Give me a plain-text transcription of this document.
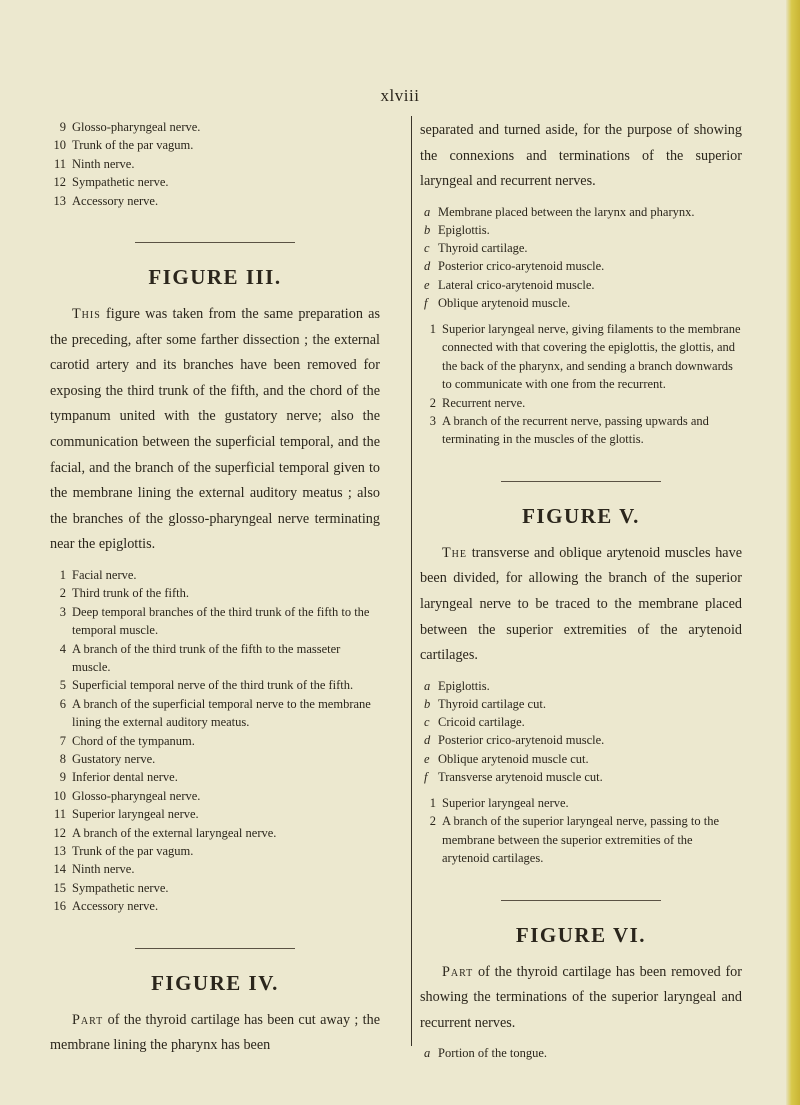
xlviii
9 Glosso-pharyngeal nerve.
10 Trunk of the par vagum.
11 Ninth nerve.
12 Sympathetic nerve.
13 Accessory nerve.
FIGURE III.

This figure was taken from the same preparation as the preceding, after some farther dissection ; the external carotid artery and its branches have been removed for exposing the third trunk of the fifth, and the chord of the tympanum united with the gustatory nerve; also the communication between the superficial temporal, and the facial, and the branch of the superficial temporal given to the membrane lining the external auditory meatus ; also the branches of the glosso-pharyngeal nerve terminating near the epiglottis.

1 Facial nerve.
2 Third trunk of the fifth.
3 Deep temporal branches of the third trunk of the fifth to the temporal muscle.
4 A branch of the third trunk of the fifth to the masseter muscle.
5 Superficial temporal nerve of the third trunk of the fifth.
6 A branch of the superficial temporal nerve to the membrane lining the external auditory meatus.
7 Chord of the tympanum.
8 Gustatory nerve.
9 Inferior dental nerve.
10 Glosso-pharyngeal nerve.
11 Superior laryngeal nerve.
12 A branch of the external laryngeal nerve.
13 Trunk of the par vagum.
14 Ninth nerve.
15 Sympathetic nerve.
16 Accessory nerve.
FIGURE IV.

Part of the thyroid cartilage has been cut away ; the membrane lining the pharynx has been

separated and turned aside, for the purpose of showing the connexions and terminations of the superior laryngeal and recurrent nerves.

a Membrane placed between the larynx and pharynx.
b Epiglottis.
c Thyroid cartilage.
d Posterior crico-arytenoid muscle.
e Lateral crico-arytenoid muscle.
f Oblique arytenoid muscle.
1 Superior laryngeal nerve, giving filaments to the membrane connected with that covering the epiglottis, the glottis, and the back of the pharynx, and sending a branch downwards to communicate with one from the recurrent.
2 Recurrent nerve.
3 A branch of the recurrent nerve, passing upwards and terminating in the muscles of the glottis.
FIGURE V.

The transverse and oblique arytenoid muscles have been divided, for allowing the branch of the superior laryngeal nerve to be traced to the membrane placed between the superior extremities of the arytenoid cartilages.

a Epiglottis.
b Thyroid cartilage cut.
c Cricoid cartilage.
d Posterior crico-arytenoid muscle.
e Oblique arytenoid muscle cut.
f Transverse arytenoid muscle cut.
1 Superior laryngeal nerve.
2 A branch of the superior laryngeal nerve, passing to the membrane between the superior extremities of the arytenoid cartilages.
FIGURE VI.

Part of the thyroid cartilage has been removed for showing the terminations of the superior laryngeal and recurrent nerves.

a Portion of the tongue.
